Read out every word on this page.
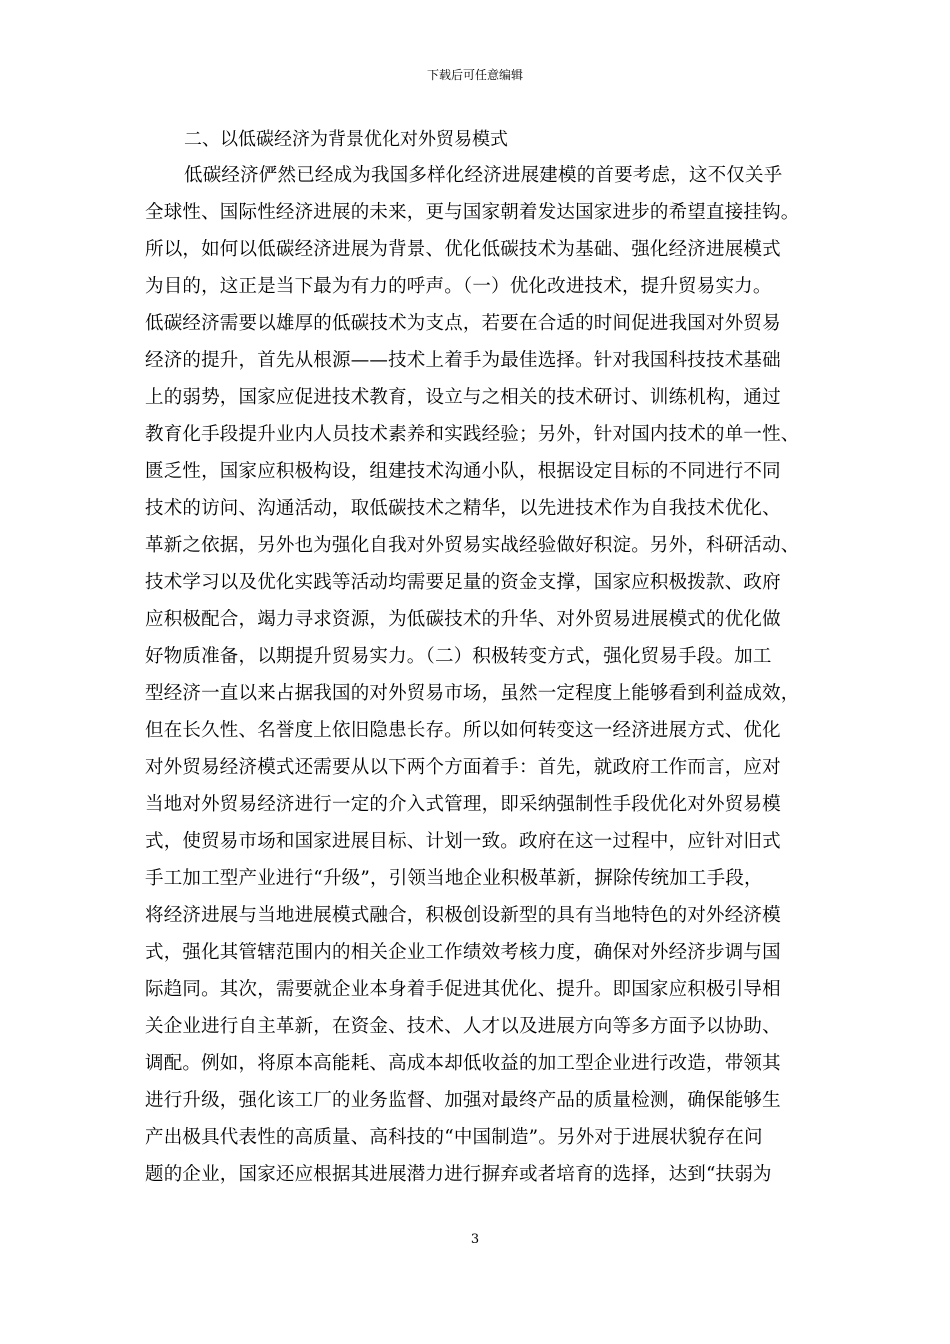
下载后可任意编辑
二、以低碳经济为背景优化对外贸易模式
低碳经济俨然已经成为我国多样化经济进展建模的首要考虑，这不仅关乎
全球性、国际性经济进展的未来，更与国家朝着发达国家进步的希望直接挂钩。
所以，如何以低碳经济进展为背景、优化低碳技术为基础、强化经济进展模式
为目的，这正是当下最为有力的呼声。（一）优化改进技术，提升贸易实力。
低碳经济需要以雄厚的低碳技术为支点，若要在合适的时间促进我国对外贸易
经济的提升，首先从根源——技术上着手为最佳选择。针对我国科技技术基础
上的弱势，国家应促进技术教育，设立与之相关的技术研讨、训练机构，通过
教育化手段提升业内人员技术素养和实践经验；另外，针对国内技术的单一性、
匮乏性，国家应积极构设，组建技术沟通小队，根据设定目标的不同进行不同
技术的访问、沟通活动，取低碳技术之精华，以先进技术作为自我技术优化、
革新之依据，另外也为强化自我对外贸易实战经验做好积淀。另外，科研活动、
技术学习以及优化实践等活动均需要足量的资金支撑，国家应积极拨款、政府
应积极配合，竭力寻求资源，为低碳技术的升华、对外贸易进展模式的优化做
好物质准备，以期提升贸易实力。（二）积极转变方式，强化贸易手段。加工
型经济一直以来占据我国的对外贸易市场，虽然一定程度上能够看到利益成效，
但在长久性、名誉度上依旧隐患长存。所以如何转变这一经济进展方式、优化
对外贸易经济模式还需要从以下两个方面着手：首先，就政府工作而言，应对
当地对外贸易经济进行一定的介入式管理，即采纳强制性手段优化对外贸易模
式，使贸易市场和国家进展目标、计划一致。政府在这一过程中，应针对旧式
手工加工型产业进行“升级”，引领当地企业积极革新，摒除传统加工手段，
将经济进展与当地进展模式融合，积极创设新型的具有当地特色的对外经济模
式，强化其管辖范围内的相关企业工作绩效考核力度，确保对外经济步调与国
际趋同。其次，需要就企业本身着手促进其优化、提升。即国家应积极引导相
关企业进行自主革新，在资金、技术、人才以及进展方向等多方面予以协助、
调配。例如，将原本高能耗、高成本却低收益的加工型企业进行改造，带领其
进行升级，强化该工厂的业务监督、加强对最终产品的质量检测，确保能够生
产出极具代表性的高质量、高科技的“中国制造”。另外对于进展状貌存在问
题的企业，国家还应根据其进展潜力进行摒弃或者培育的选择，达到“扶弱为
3
